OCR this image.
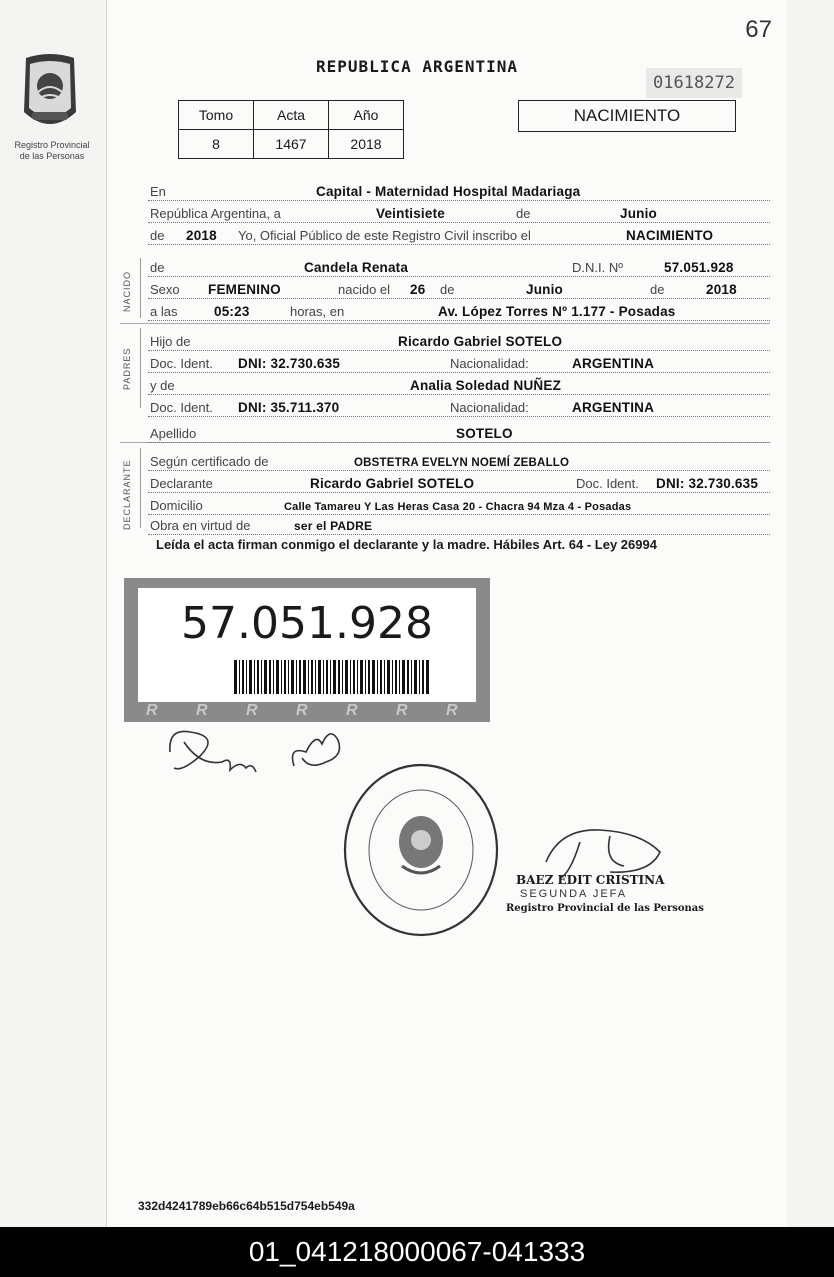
67
Registro Provincial
de las Personas
REPUBLICA ARGENTINA
01618272
Tomo	Acta	Año
8	1467	2018
NACIMIENTO
NACIDO
PADRES
DECLARANTE
En	Capital - Maternidad Hospital Madariaga
República Argentina, a	Veintisiete	de	Junio
de 2018 Yo, Oficial Público de este Registro Civil inscribo el	NACIMIENTO
de	Candela Renata	D.N.I. Nº	57.051.928
Sexo FEMENINO	nacido el 26 de	Junio	de	2018
a las	05:23	horas, en	Av. López Torres Nº 1.177 - Posadas
Hijo de	Ricardo Gabriel SOTELO
Doc. Ident. DNI: 32.730.635	Nacionalidad:	ARGENTINA
y de	Analia Soledad NUÑEZ
Doc. Ident. DNI: 35.711.370	Nacionalidad:	ARGENTINA
Apellido	SOTELO
Según certificado de	OBSTETRA EVELYN NOEMÍ ZEBALLO
Declarante	Ricardo Gabriel SOTELO	Doc. Ident. DNI: 32.730.635
Domicilio	Calle Tamareu Y Las Heras Casa 20 - Chacra 94 Mza 4 - Posadas
Obra en virtud de	ser el PADRE
Leída el acta firman conmigo el declarante y la madre. Hábiles Art. 64 - Ley 26994
R R R R R R R
57.051.928
BAEZ EDIT CRISTINA
SEGUNDA JEFA
Registro Provincial de las Personas
332d4241789eb66c64b515d754eb549a
01_041218000067-041333
